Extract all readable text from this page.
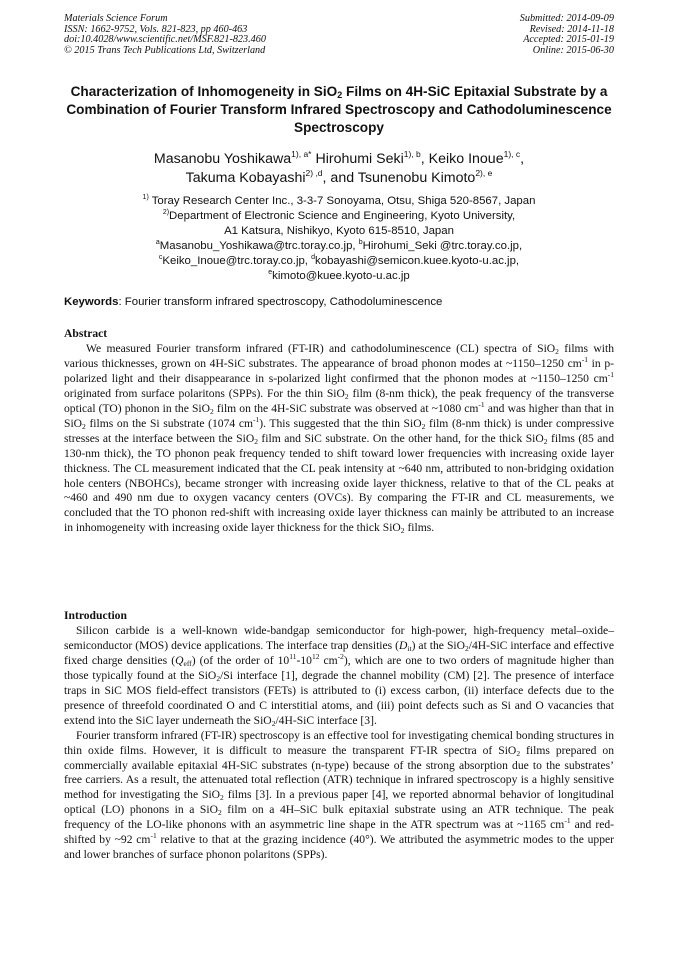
Materials Science Forum
ISSN: 1662-9752, Vols. 821-823, pp 460-463
doi:10.4028/www.scientific.net/MSF.821-823.460
© 2015 Trans Tech Publications Ltd, Switzerland
Submitted: 2014-09-09
Revised: 2014-11-18
Accepted: 2015-01-19
Online: 2015-06-30
Characterization of Inhomogeneity in SiO$_2$ Films on 4H-SiC Epitaxial Substrate by a Combination of Fourier Transform Infrared Spectroscopy and Cathodoluminescence Spectroscopy
Masanobu Yoshikawa$^{1), a*}$ Hirohumi Seki$^{1), b}$, Keiko Inoue$^{1), c}$,
Takuma Kobayashi$^{2) ,d}$, and Tsunenobu Kimoto$^{2), e}$
$^{1)}$ Toray Research Center Inc., 3-3-7 Sonoyama, Otsu, Shiga 520-8567, Japan
$^{2)}$Department of Electronic Science and Engineering, Kyoto University,
A1 Katsura, Nishikyo, Kyoto 615-8510, Japan
$^a$Masanobu_Yoshikawa@trc.toray.co.jp, $^b$Hirohumi_Seki @trc.toray.co.jp,
$^c$Keiko_Inoue@trc.toray.co.jp, $^d$kobayashi@semicon.kuee.kyoto-u.ac.jp,
$^e$kimoto@kuee.kyoto-u.ac.jp
Keywords: Fourier transform infrared spectroscopy, Cathodoluminescence
Abstract

We measured Fourier transform infrared (FT-IR) and cathodoluminescence (CL) spectra of SiO$_2$ films with various thicknesses, grown on 4H-SiC substrates. The appearance of broad phonon modes at ~1150–1250 $cm^{-1}$ in p-polarized light and their disappearance in s-polarized light confirmed that the phonon modes at ~1150–1250 $cm^{-1}$ originated from surface polaritons (SPPs). For the thin SiO$_2$ film (8-nm thick), the peak frequency of the transverse optical (TO) phonon in the SiO$_2$ film on the 4H-SiC substrate was observed at ~1080 $cm^{-1}$ and was higher than that in SiO$_2$ films on the Si substrate (1074 $cm^{-1}$). This suggested that the thin SiO$_2$ film (8-nm thick) is under compressive stresses at the interface between the SiO$_2$ film and SiC substrate. On the other hand, for the thick SiO$_2$ films (85 and 130-nm thick), the TO phonon peak frequency tended to shift toward lower frequencies with increasing oxide layer thickness. The CL measurement indicated that the CL peak intensity at ~640 nm, attributed to non-bridging oxidation hole centers (NBOHCs), became stronger with increasing oxide layer thickness, relative to that of the CL peaks at ~460 and 490 nm due to oxygen vacancy centers (OVCs). By comparing the FT-IR and CL measurements, we concluded that the TO phonon red-shift with increasing oxide layer thickness can mainly be attributed to an increase in inhomogeneity with increasing oxide layer thickness for the thick SiO$_2$ films.

Introduction

Silicon carbide is a well-known wide-bandgap semiconductor for high-power, high-frequency metal–oxide–semiconductor (MOS) device applications. The interface trap densities $(D_{it})$ at the SiO$_2$/4H-SiC interface and effective fixed charge densities $(Q_{eff})$ (of the order of $10^{11}-10^{12}$ $cm^{-2}$), which are one to two orders of magnitude higher than those typically found at the SiO$_2$/Si interface [1], degrade the channel mobility (CM) [2]. The presence of interface traps in SiC MOS field-effect transistors (FETs) is attributed to (i) excess carbon, (ii) interface defects due to the presence of threefold coordinated O and C interstitial atoms, and (iii) point defects such as Si and O vacancies that extend into the SiC layer underneath the SiO$_2$/4H-SiC interface [3].

Fourier transform infrared (FT-IR) spectroscopy is an effective tool for investigating chemical bonding structures in thin oxide films. However, it is difficult to measure the transparent FT-IR spectra of SiO$_2$ films prepared on commercially available epitaxial 4H-SiC substrates (n-type) because of the strong absorption due to the substrates’ free carriers. As a result, the attenuated total reflection (ATR) technique in infrared spectroscopy is a highly sensitive method for investigating the SiO$_2$ films [3]. In a previous paper [4], we reported abnormal behavior of longitudinal optical (LO) phonons in a SiO$_2$ film on a 4H–SiC bulk epitaxial substrate using an ATR technique. The peak frequency of the LO-like phonons with an asymmetric line shape in the ATR spectrum was at ~1165 $cm^{-1}$ and red-shifted by ~92 $cm^{-1}$ relative to that at the grazing incidence (40°). We attributed the asymmetric modes to the upper and lower branches of surface phonon polaritons (SPPs).
